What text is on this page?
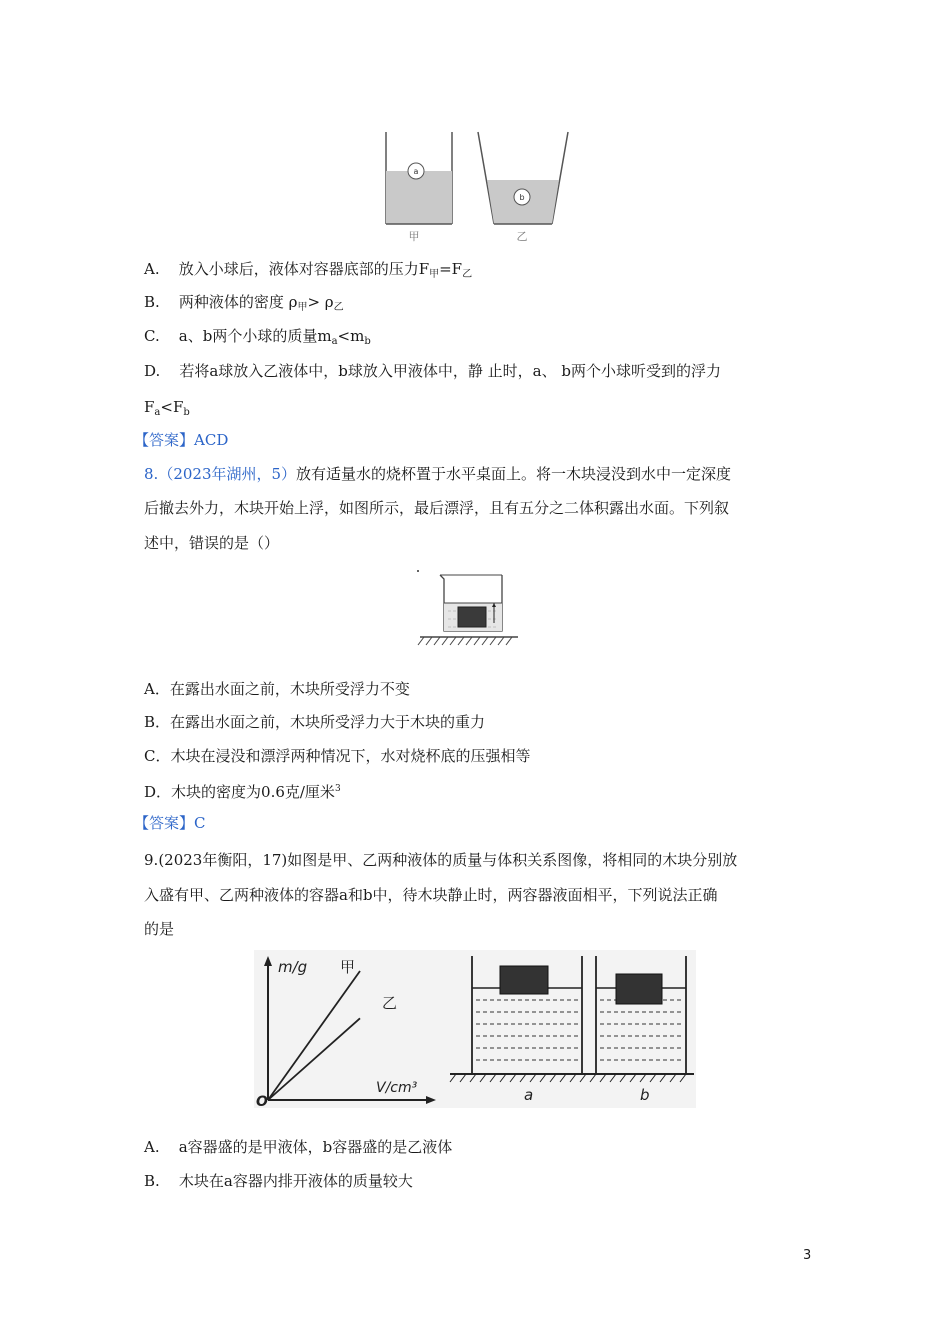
a
b
甲	乙
A. 放入小球后，液体对容器底部的压力$F_甲=F_乙$
B. 两种液体的密度 $\rho_甲> \rho_乙$
C. a、b两个小球的质量$m_a<m_b$
D. 若将a球放入乙液体中，b球放入甲液体中，静 止时，a、 b两个小球听受到的浮力
$F_a<F_b$
【答案】ACD
8.（2023年湖州，5）放有适量水的烧杯置于水平桌面上。将一木块浸没到水中一定深度
后撤去外力，木块开始上浮，如图所示，最后漂浮，且有五分之二体积露出水面。下列叙
述中，错误的是（）
A．在露出水面之前，木块所受浮力不变
B．在露出水面之前，木块所受浮力大于木块的重力
C．木块在浸没和漂浮两种情况下，水对烧杯底的压强相等
D．木块的密度为0.6克/厘米$^3$
【答案】C
9.(2023年衡阳，17)如图是甲、乙两种液体的质量与体积关系图像，将相同的木块分别放
入盛有甲、乙两种液体的容器a和b中，待木块静止时，两容器液面相平，下列说法正确
的是
m/g
V/cm³
O
甲
乙
a	b
A. a容器盛的是甲液体，b容器盛的是乙液体
B. 木块在a容器内排开液体的质量较大
3
